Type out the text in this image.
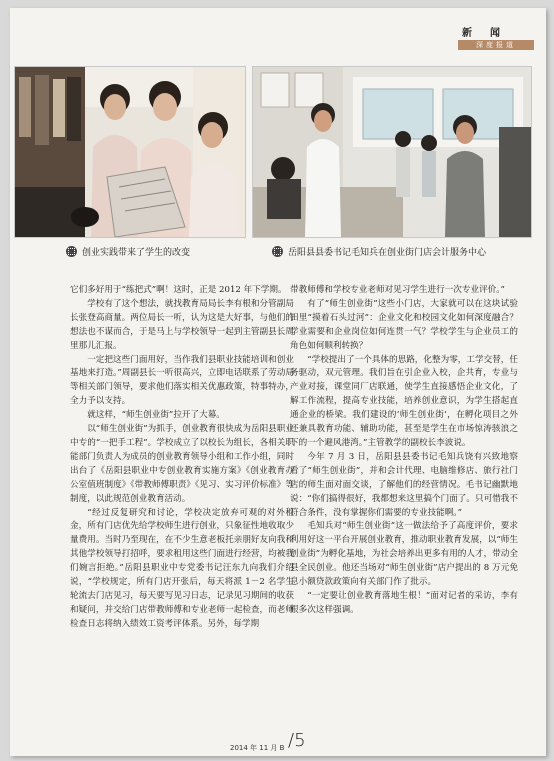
新闻
深度报道
创业实践带来了学生的改变	岳阳县县委书记毛知兵在创业街门店会计服务中心

它们多好用于“练把式”啊！这时，正是 2012 年下学期。

学校有了这个想法，就找教育局局长李有根和分管副局长张登高商量。两位局长一听，认为这是大好事，与他们的想法也不谋而合，于是马上与学校领导一起到主管副县长周里那儿汇报。

一定把这些门面用好，当作我们县职业技能培训和创业基地来打造。”周副县长一听很高兴，立即电话联系了劳动局等相关部门领导，要求他们落实相关优惠政策，特事特办，全力予以支持。

就这样，“师生创业街”拉开了大幕。

以“师生创业街”为抓手，创业教育很快成为岳阳县职业中专的“一把手工程”。学校成立了以校长为组长，各相关职能部门负责人为成员的创业教育领导小组和工作小组，同时出台了《岳阳县职业中专创业教育实施方案》《创业教育办公室值班制度》《带教师傅职责》《见习、实习评价标准》等制度，以此规范创业教育活动。

“经过反复研究和讨论，学校决定放弃可观的对外租金，所有门店优先给学校师生进行创业，只象征性地收取少量费用。当时乃至现在，在不少生意老板托亲朋好友向我和其他学校领导打招呼，要求租用这些门面进行经营，均被我们婉言拒绝。”岳阳县职业中专党委书记汪东九向我们介绍说，“学校规定，所有门店开张后，每天将派 1－2 名学生轮流去门店见习，每天要写见习日志，记录见习期间的收获和疑问，并交给门店带教师傅和专业老师一起检查，而老师检查日志将纳入绩效工资考评体系。另外，每学期

带教师傅和学校专业老师对见习学生进行一次专业评价。”

有了“师生创业街”这些小门店，大家就可以在这块试验田里“摸着石头过河”：企业文化和校园文化如何深度融合？学业需要和企业岗位如何连贯一气？学校学生与企业员工的角色如何顺利转换？

“学校提出了一个具体的思路，化整为零，工学交替，任务驱动，双元管理。我们旨在引企业入校，企共育，专业与产业对接，课堂同厂店联通，使学生直接感悟企业文化，了解工作流程，提高专业技能，培养创业意识，为学生搭起直通企业的桥梁。我们建设的‘师生创业街’，在孵化项目之外还兼具教育功能、辅助功能，甚至是学生在市场惊涛骇浪之下的一个避风港湾。”主管教学的副校长李波说。

今年 7 月 3 日，岳阳县县委书记毛知兵饶有兴致地察看了“师生创业街”，并和会计代理、电脑维修店、旅行社门店的师生面对面交谈，了解他们的经营情况。毛书记幽默地说：“你们搞得很好，我都想来这里搞个门面了。只可惜我不符合条件，没有掌握你们需要的专业技能啊。”

毛知兵对“师生创业街”这一做法给予了高度评价，要求利用好这一平台开展创业教育，推动职业教育发展，以“师生创业街”为孵化基地，为社会培养出更多有用的人才，带动全县全民创业。他还当场对“师生创业街”店户提出的 8 万元免息小额贷款政策向有关部门作了批示。

“一定要让创业教育落地生根！”面对记者的采访，李有根多次这样强调。

2014 年 11 月 B /5
